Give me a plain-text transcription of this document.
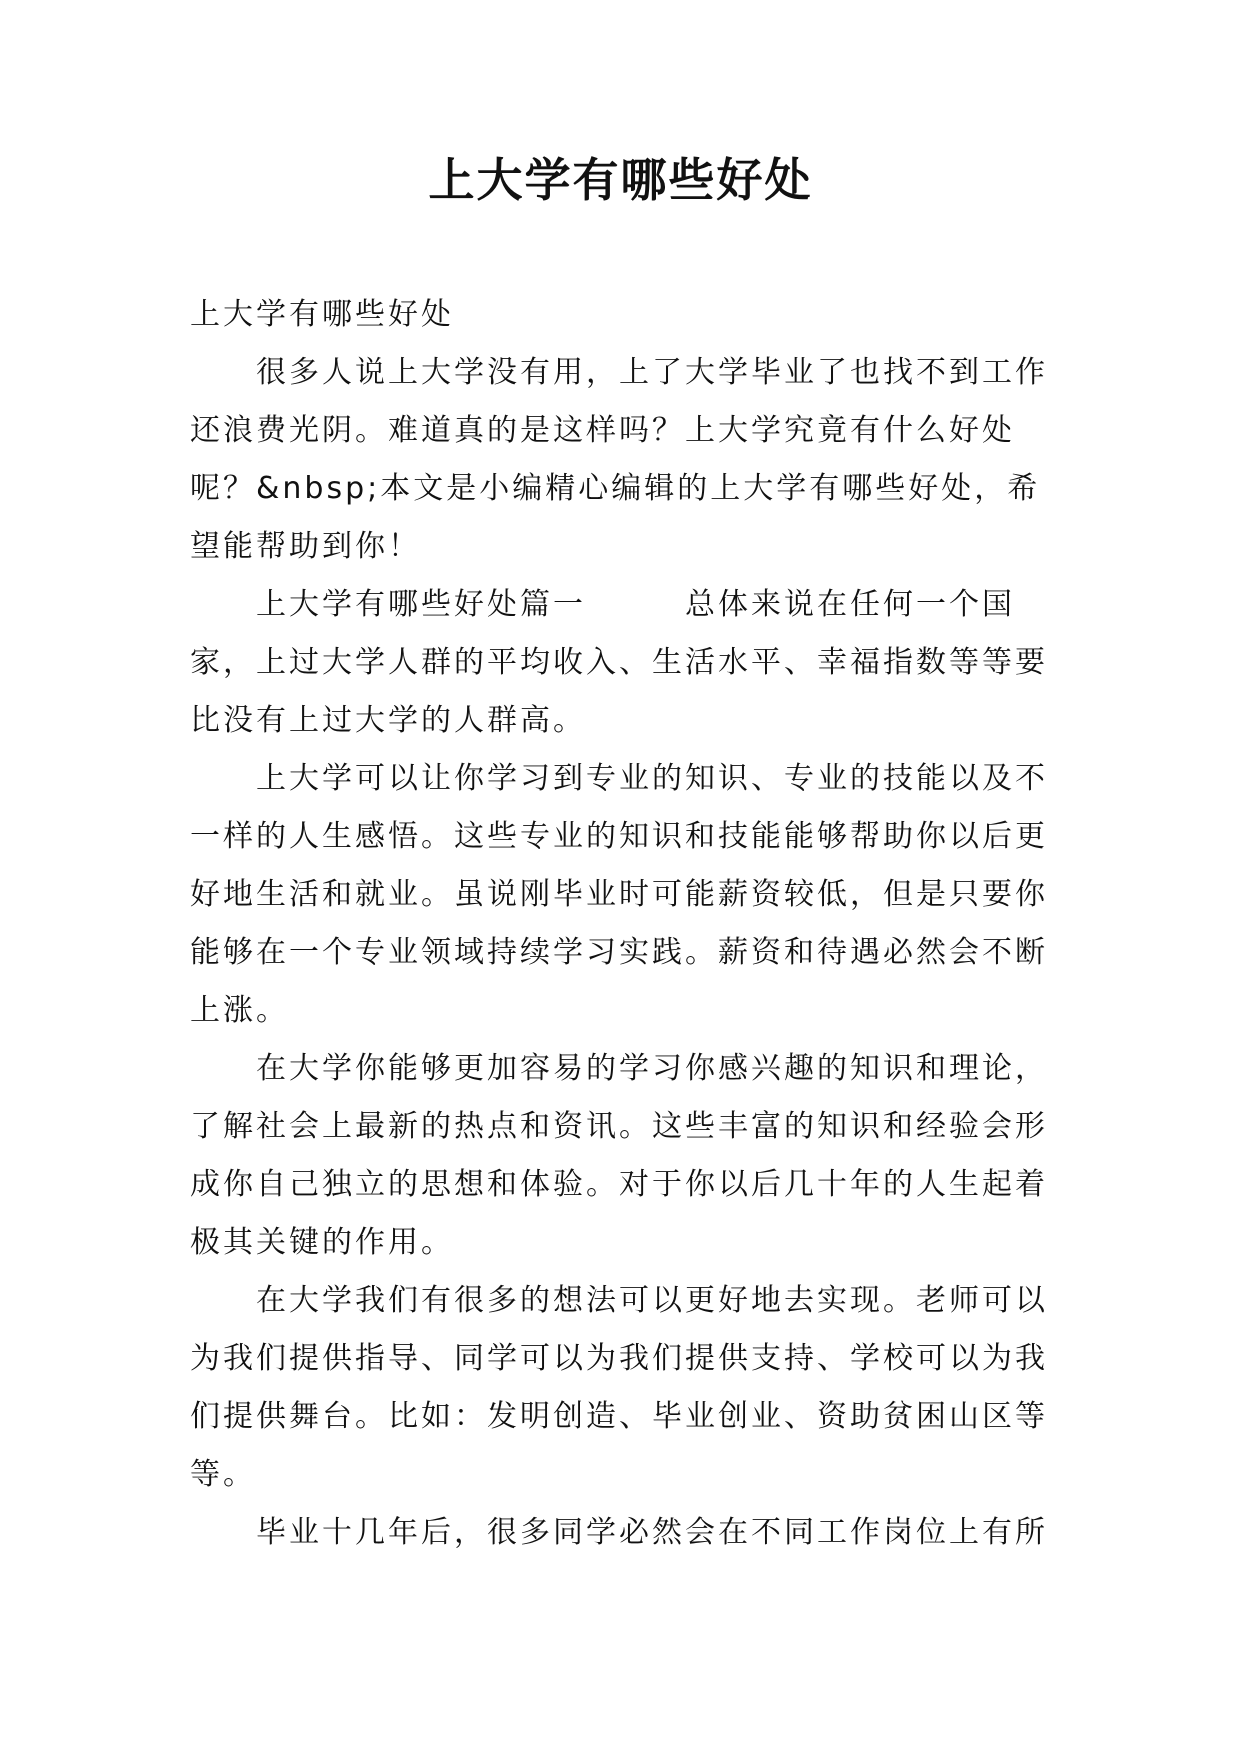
上大学有哪些好处

上大学有哪些好处

很多人说上大学没有用，上了大学毕业了也找不到工作还浪费光阴。难道真的是这样吗？上大学究竟有什么好处呢？&nbsp;本文是小编精心编辑的上大学有哪些好处，希望能帮助到你！

上大学有哪些好处篇一　　　总体来说在任何一个国家，上过大学人群的平均收入、生活水平、幸福指数等等要比没有上过大学的人群高。

上大学可以让你学习到专业的知识、专业的技能以及不一样的人生感悟。这些专业的知识和技能能够帮助你以后更好地生活和就业。虽说刚毕业时可能薪资较低，但是只要你能够在一个专业领域持续学习实践。薪资和待遇必然会不断上涨。

在大学你能够更加容易的学习你感兴趣的知识和理论，了解社会上最新的热点和资讯。这些丰富的知识和经验会形成你自己独立的思想和体验。对于你以后几十年的人生起着极其关键的作用。

在大学我们有很多的想法可以更好地去实现。老师可以为我们提供指导、同学可以为我们提供支持、学校可以为我们提供舞台。比如：发明创造、毕业创业、资助贫困山区等等。

毕业十几年后，很多同学必然会在不同工作岗位上有所
